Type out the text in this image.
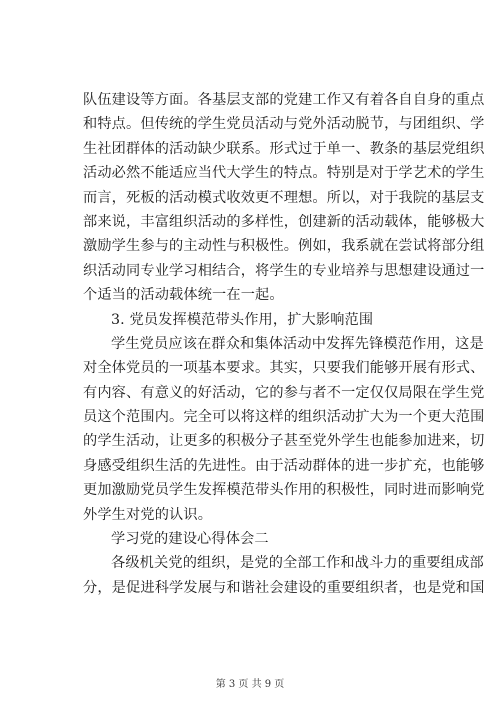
队伍建设等方面。各基层支部的党建工作又有着各自自身的重点
和特点。但传统的学生党员活动与党外活动脱节，与团组织、学
生社团群体的活动缺少联系。形式过于单一、教条的基层党组织
活动必然不能适应当代大学生的特点。特别是对于学艺术的学生
而言，死板的活动模式收效更不理想。所以，对于我院的基层支
部来说，丰富组织活动的多样性，创建新的活动载体，能够极大
激励学生参与的主动性与积极性。例如，我系就在尝试将部分组
织活动同专业学习相结合，将学生的专业培养与思想建设通过一
个适当的活动载体统一在一起。
3. 党员发挥模范带头作用，扩大影响范围
学生党员应该在群众和集体活动中发挥先锋模范作用，这是
对全体党员的一项基本要求。其实，只要我们能够开展有形式、
有内容、有意义的好活动，它的参与者不一定仅仅局限在学生党
员这个范围内。完全可以将这样的组织活动扩大为一个更大范围
的学生活动，让更多的积极分子甚至党外学生也能参加进来，切
身感受组织生活的先进性。由于活动群体的进一步扩充，也能够
更加激励党员学生发挥模范带头作用的积极性，同时进而影响党
外学生对党的认识。
学习党的建设心得体会二
各级机关党的组织，是党的全部工作和战斗力的重要组成部
分，是促进科学发展与和谐社会建设的重要组织者，也是党和国
第 3 页 共 9 页
